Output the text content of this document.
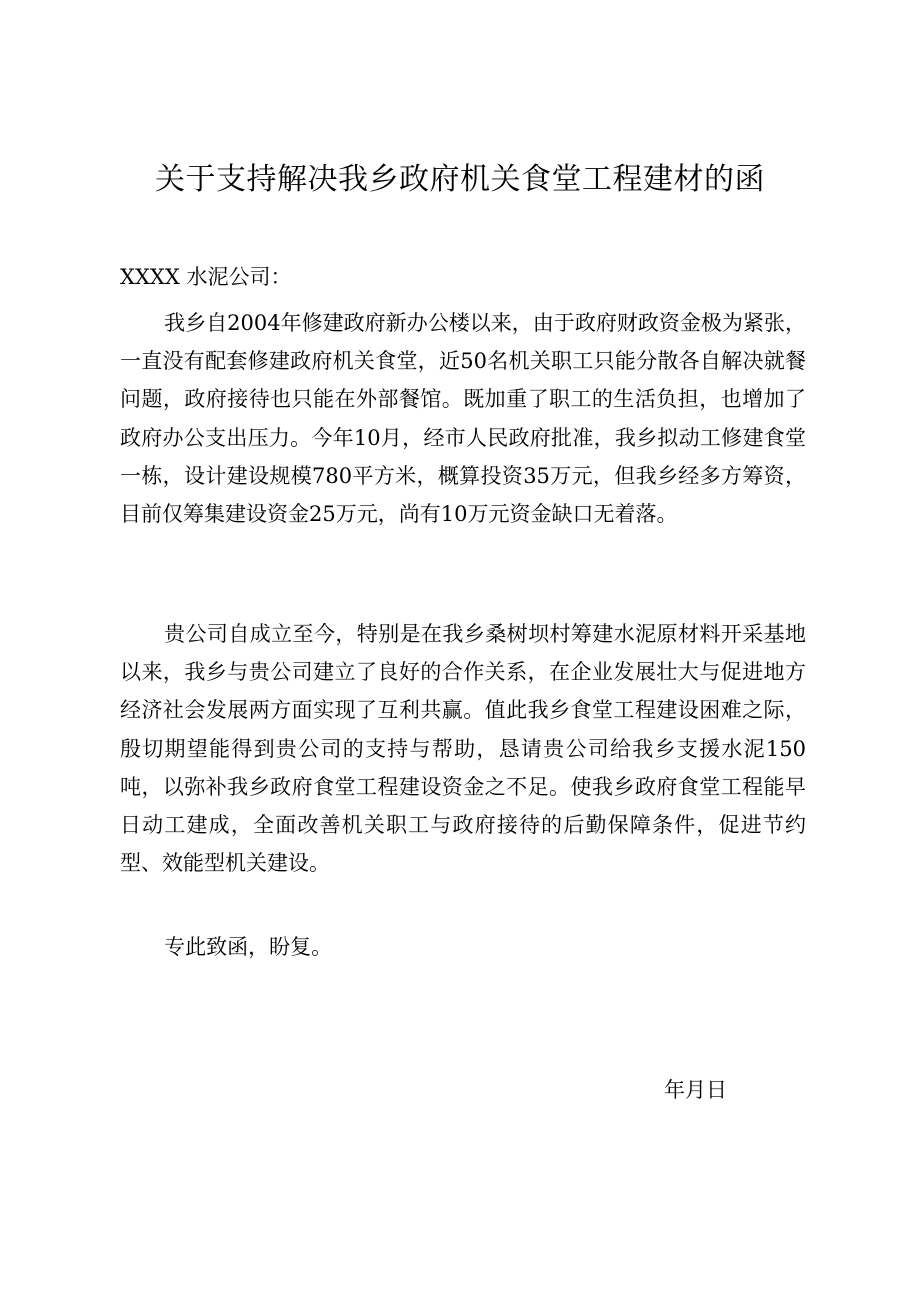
关于支持解决我乡政府机关食堂工程建材的函

XXXX 水泥公司：

我乡自2004年修建政府新办公楼以来，由于政府财政资金极为紧张，一直没有配套修建政府机关食堂，近50名机关职工只能分散各自解决就餐问题，政府接待也只能在外部餐馆。既加重了职工的生活负担，也增加了政府办公支出压力。今年10月，经市人民政府批准，我乡拟动工修建食堂一栋，设计建设规模780平方米，概算投资35万元，但我乡经多方筹资，目前仅筹集建设资金25万元，尚有10万元资金缺口无着落。

贵公司自成立至今，特别是在我乡桑树坝村筹建水泥原材料开采基地以来，我乡与贵公司建立了良好的合作关系，在企业发展壮大与促进地方经济社会发展两方面实现了互利共赢。值此我乡食堂工程建设困难之际，殷切期望能得到贵公司的支持与帮助，恳请贵公司给我乡支援水泥150吨，以弥补我乡政府食堂工程建设资金之不足。使我乡政府食堂工程能早日动工建成，全面改善机关职工与政府接待的后勤保障条件，促进节约型、效能型机关建设。

专此致函，盼复。

年月日
